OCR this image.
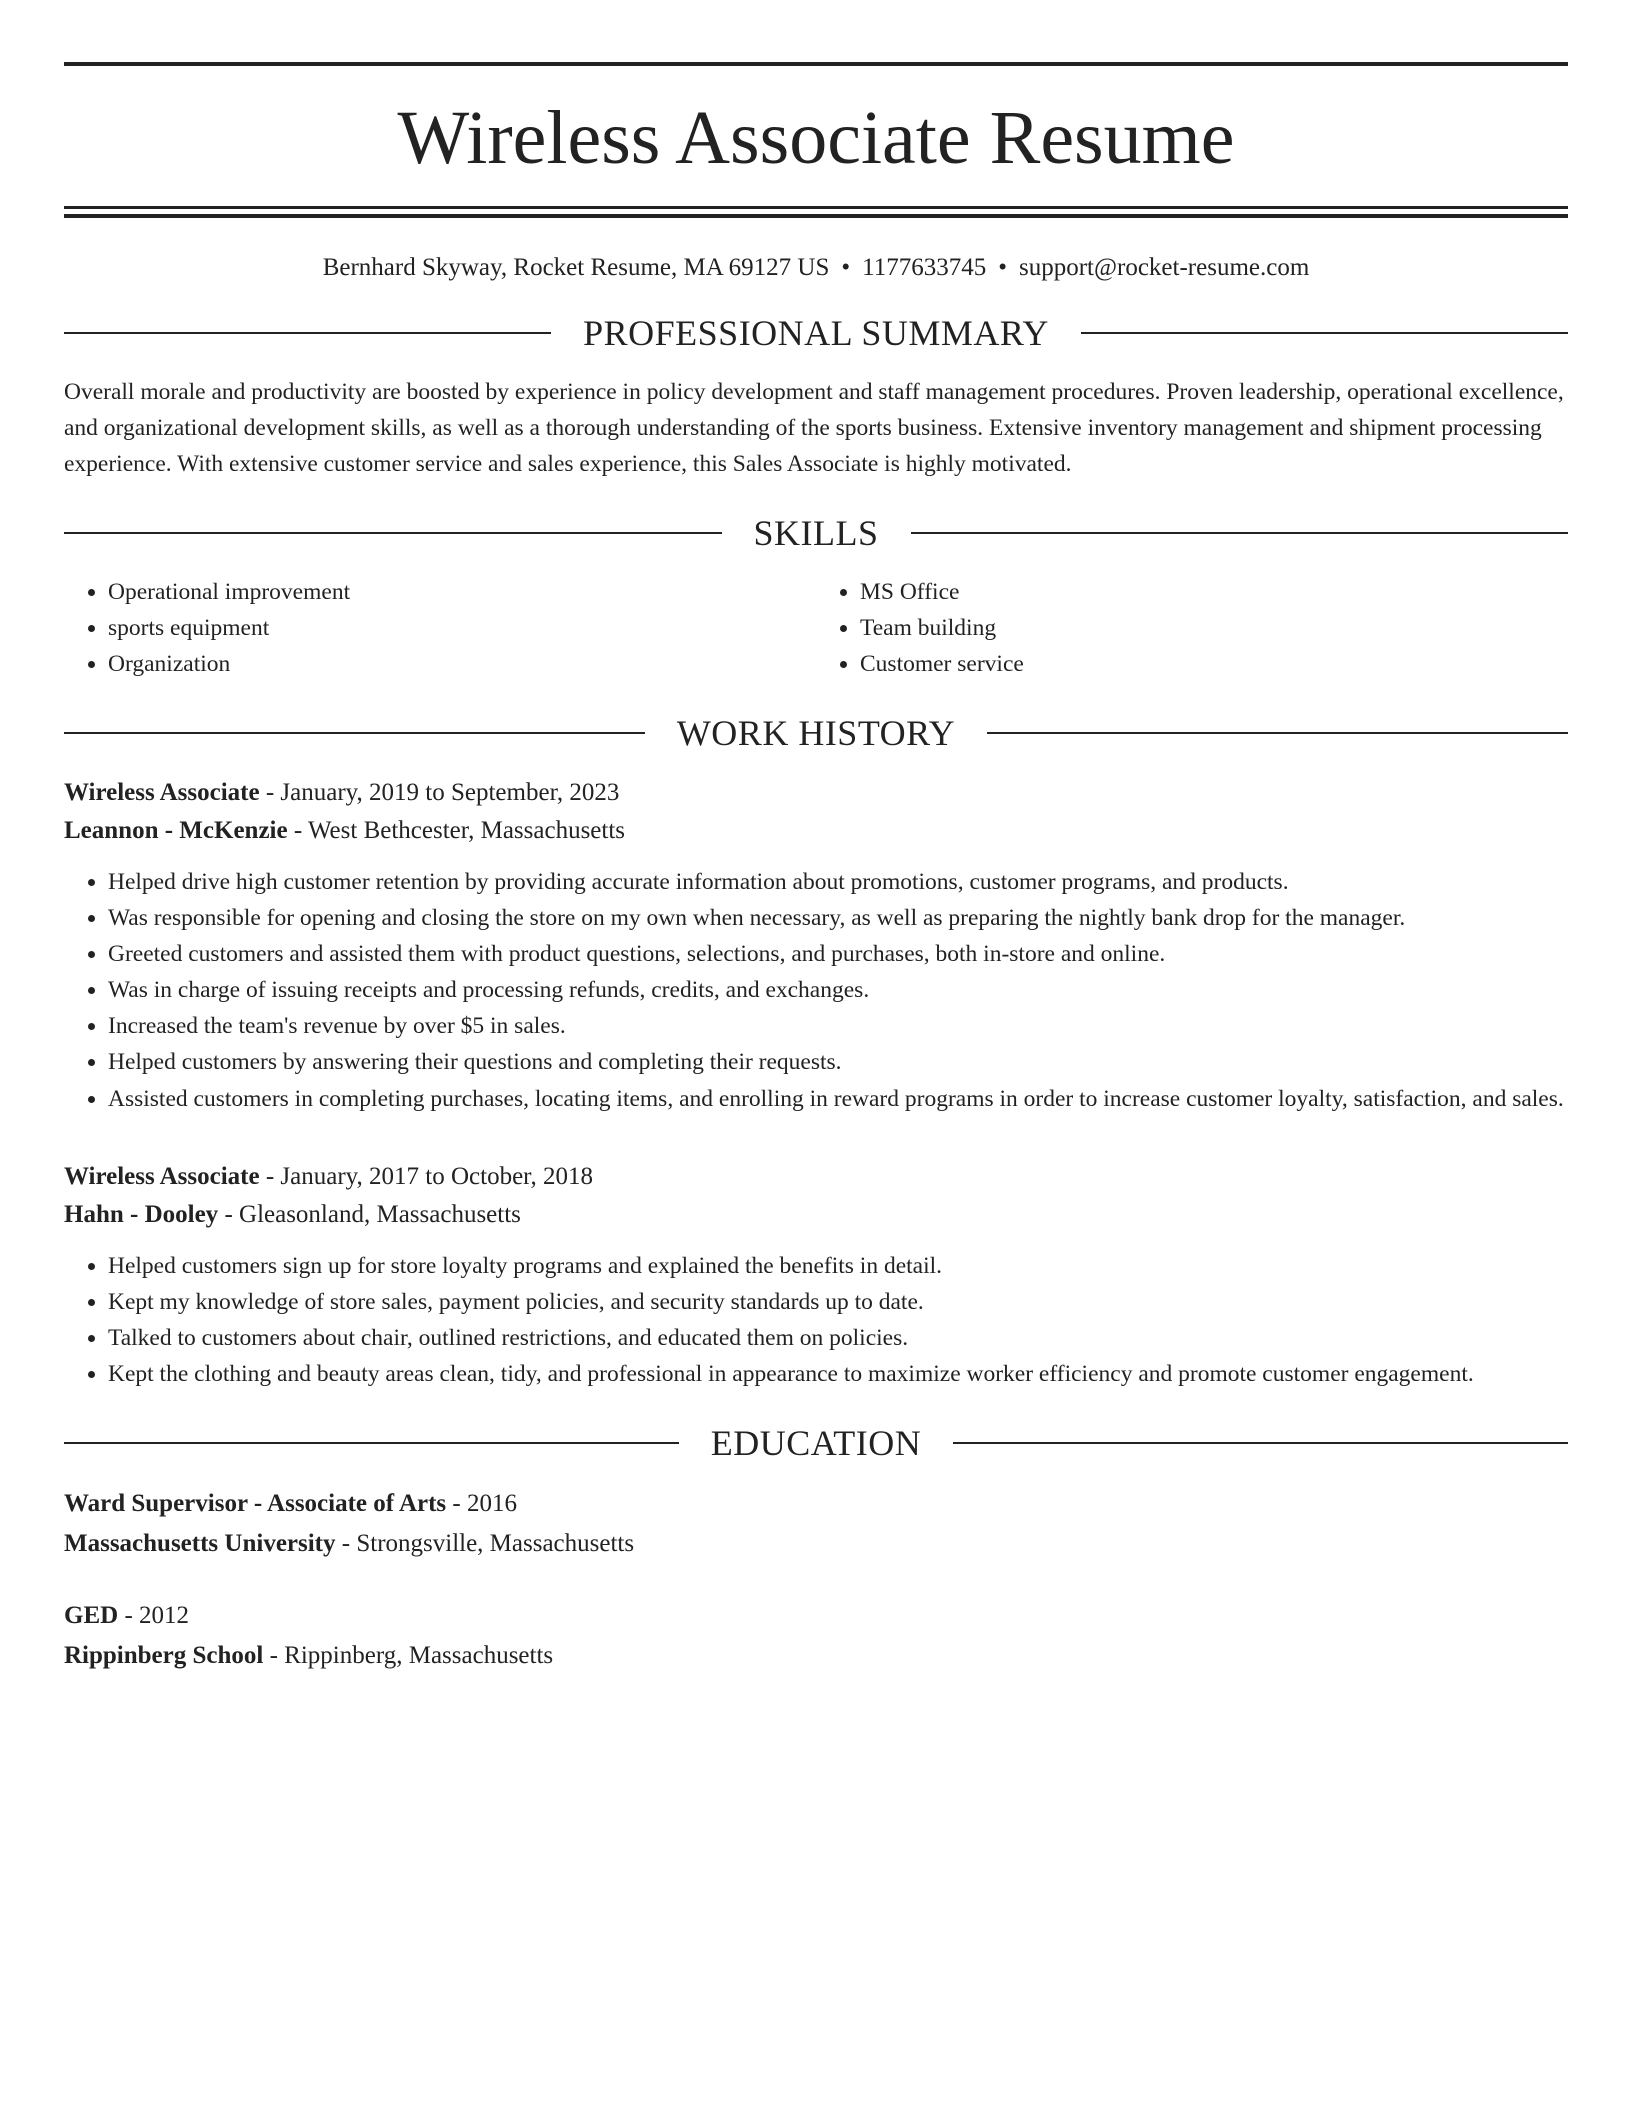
Wireless Associate Resume

Bernhard Skyway, Rocket Resume, MA 69127 US • 1177633745 • support@rocket-resume.com

PROFESSIONAL SUMMARY

Overall morale and productivity are boosted by experience in policy development and staff management procedures. Proven leadership, operational excellence, and organizational development skills, as well as a thorough understanding of the sports business. Extensive inventory management and shipment processing experience. With extensive customer service and sales experience, this Sales Associate is highly motivated.

SKILLS
• Operational improvement
• sports equipment
• Organization
• MS Office
• Team building
• Customer service
WORK HISTORY

Wireless Associate - January, 2019 to September, 2023

Leannon - McKenzie - West Bethcester, Massachusetts

• Helped drive high customer retention by providing accurate information about promotions, customer programs, and products.
• Was responsible for opening and closing the store on my own when necessary, as well as preparing the nightly bank drop for the manager.
• Greeted customers and assisted them with product questions, selections, and purchases, both in-store and online.
• Was in charge of issuing receipts and processing refunds, credits, and exchanges.
• Increased the team's revenue by over $5 in sales.
• Helped customers by answering their questions and completing their requests.
• Assisted customers in completing purchases, locating items, and enrolling in reward programs in order to increase customer loyalty, satisfaction, and sales.

Wireless Associate - January, 2017 to October, 2018

Hahn - Dooley - Gleasonland, Massachusetts

• Helped customers sign up for store loyalty programs and explained the benefits in detail.
• Kept my knowledge of store sales, payment policies, and security standards up to date.
• Talked to customers about chair, outlined restrictions, and educated them on policies.
• Kept the clothing and beauty areas clean, tidy, and professional in appearance to maximize worker efficiency and promote customer engagement.
EDUCATION

Ward Supervisor - Associate of Arts - 2016

Massachusetts University - Strongsville, Massachusetts

GED - 2012

Rippinberg School - Rippinberg, Massachusetts
